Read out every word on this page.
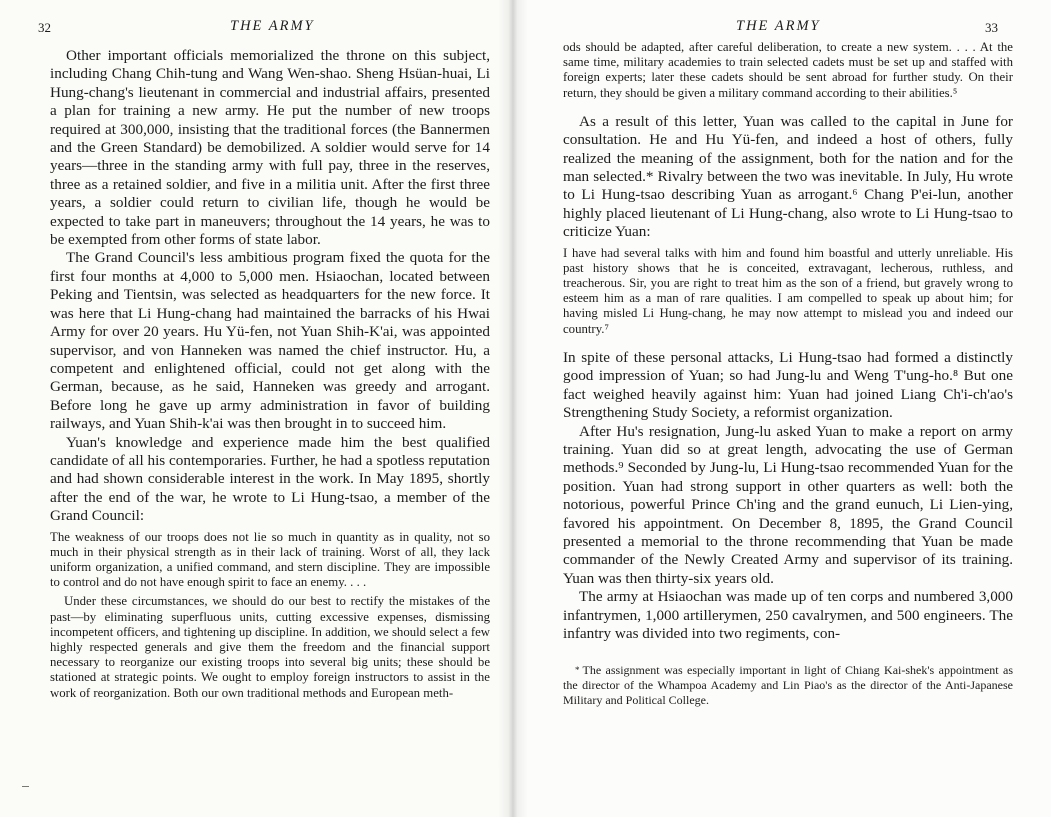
32	THE ARMY

Other important officials memorialized the throne on this subject, including Chang Chih-tung and Wang Wen-shao. Sheng Hsüan-huai, Li Hung-chang's lieutenant in commercial and industrial affairs, presented a plan for training a new army. He put the number of new troops required at 300,000, insisting that the traditional forces (the Bannermen and the Green Standard) be demobilized. A soldier would serve for 14 years—three in the standing army with full pay, three in the reserves, three as a retained soldier, and five in a militia unit. After the first three years, a soldier could return to civilian life, though he would be expected to take part in maneuvers; throughout the 14 years, he was to be exempted from other forms of state labor.

The Grand Council's less ambitious program fixed the quota for the first four months at 4,000 to 5,000 men. Hsiaochan, located between Peking and Tientsin, was selected as headquarters for the new force. It was here that Li Hung-chang had maintained the barracks of his Hwai Army for over 20 years. Hu Yü-fen, not Yuan Shih-K'ai, was appointed supervisor, and von Hanneken was named the chief instructor. Hu, a competent and enlightened official, could not get along with the German, because, as he said, Hanneken was greedy and arrogant. Before long he gave up army administration in favor of building railways, and Yuan Shih-k'ai was then brought in to succeed him.

Yuan's knowledge and experience made him the best qualified candidate of all his contemporaries. Further, he had a spotless reputation and had shown considerable interest in the work. In May 1895, shortly after the end of the war, he wrote to Li Hung-tsao, a member of the Grand Council:

The weakness of our troops does not lie so much in quantity as in quality, not so much in their physical strength as in their lack of training. Worst of all, they lack uniform organization, a unified command, and stern discipline. They are impossible to control and do not have enough spirit to face an enemy. . . .

Under these circumstances, we should do our best to rectify the mistakes of the past—by eliminating superfluous units, cutting excessive expenses, dismissing incompetent officers, and tightening up discipline. In addition, we should select a few highly respected generals and give them the freedom and the financial support necessary to reorganize our existing troops into several big units; these should be stationed at strategic points. We ought to employ foreign instructors to assist in the work of reorganization. Both our own traditional methods and European meth-

THE ARMY	33

ods should be adapted, after careful deliberation, to create a new system. . . . At the same time, military academies to train selected cadets must be set up and staffed with foreign experts; later these cadets should be sent abroad for further study. On their return, they should be given a military command according to their abilities.⁵

As a result of this letter, Yuan was called to the capital in June for consultation. He and Hu Yü-fen, and indeed a host of others, fully realized the meaning of the assignment, both for the nation and for the man selected.* Rivalry between the two was inevitable. In July, Hu wrote to Li Hung-tsao describing Yuan as arrogant.⁶ Chang P'ei-lun, another highly placed lieutenant of Li Hung-chang, also wrote to Li Hung-tsao to criticize Yuan:

I have had several talks with him and found him boastful and utterly unreliable. His past history shows that he is conceited, extravagant, lecherous, ruthless, and treacherous. Sir, you are right to treat him as the son of a friend, but gravely wrong to esteem him as a man of rare qualities. I am compelled to speak up about him; for having misled Li Hung-chang, he may now attempt to mislead you and indeed our country.⁷

In spite of these personal attacks, Li Hung-tsao had formed a distinctly good impression of Yuan; so had Jung-lu and Weng T'ung-ho.⁸ But one fact weighed heavily against him: Yuan had joined Liang Ch'i-ch'ao's Strengthening Study Society, a reformist organization.

After Hu's resignation, Jung-lu asked Yuan to make a report on army training. Yuan did so at great length, advocating the use of German methods.⁹ Seconded by Jung-lu, Li Hung-tsao recommended Yuan for the position. Yuan had strong support in other quarters as well: both the notorious, powerful Prince Ch'ing and the grand eunuch, Li Lien-ying, favored his appointment. On December 8, 1895, the Grand Council presented a memorial to the throne recommending that Yuan be made commander of the Newly Created Army and supervisor of its training. Yuan was then thirty-six years old.

The army at Hsiaochan was made up of ten corps and numbered 3,000 infantrymen, 1,000 artillerymen, 250 cavalrymen, and 500 engineers. The infantry was divided into two regiments, con-

* The assignment was especially important in light of Chiang Kai-shek's appointment as the director of the Whampoa Academy and Lin Piao's as the director of the Anti-Japanese Military and Political College.
